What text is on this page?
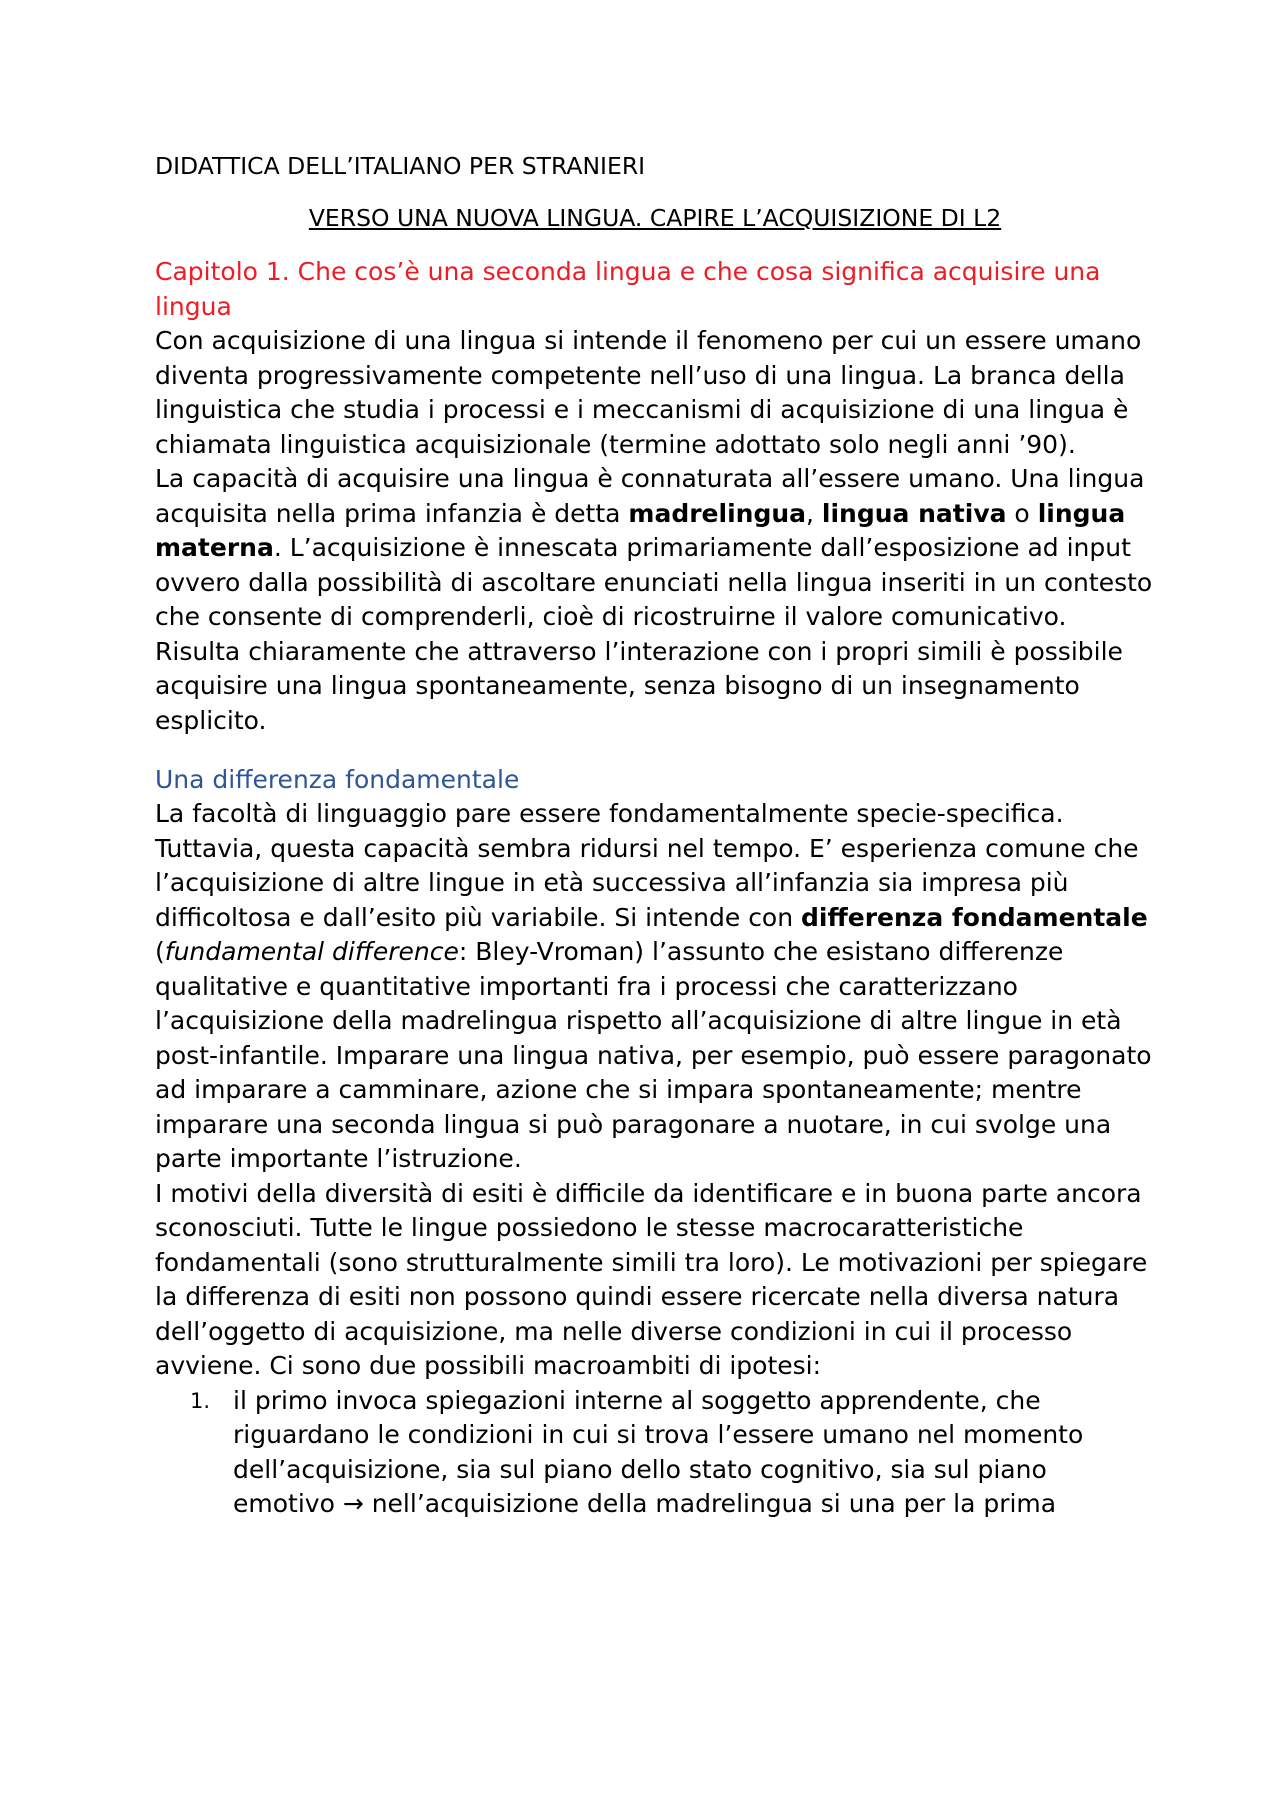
DIDATTICA DELL’ITALIANO PER STRANIERI
VERSO UNA NUOVA LINGUA. CAPIRE L’ACQUISIZIONE DI L2
Capitolo 1. Che cos’è una seconda lingua e che cosa significa acquisire una lingua

Con acquisizione di una lingua si intende il fenomeno per cui un essere umano diventa progressivamente competente nell’uso di una lingua. La branca della linguistica che studia i processi e i meccanismi di acquisizione di una lingua è chiamata linguistica acquisizionale (termine adottato solo negli anni ’90).

La capacità di acquisire una lingua è connaturata all’essere umano. Una lingua acquisita nella prima infanzia è detta madrelingua, lingua nativa o lingua materna. L’acquisizione è innescata primariamente dall’esposizione ad input ovvero dalla possibilità di ascoltare enunciati nella lingua inseriti in un contesto che consente di comprenderli, cioè di ricostruirne il valore comunicativo. Risulta chiaramente che attraverso l’interazione con i propri simili è possibile acquisire una lingua spontaneamente, senza bisogno di un insegnamento esplicito.

Una differenza fondamentale

La facoltà di linguaggio pare essere fondamentalmente specie-specifica. Tuttavia, questa capacità sembra ridursi nel tempo. E’ esperienza comune che l’acquisizione di altre lingue in età successiva all’infanzia sia impresa più difficoltosa e dall’esito più variabile. Si intende con differenza fondamentale (fundamental difference: Bley-Vroman) l’assunto che esistano differenze qualitative e quantitative importanti fra i processi che caratterizzano l’acquisizione della madrelingua rispetto all’acquisizione di altre lingue in età post-infantile. Imparare una lingua nativa, per esempio, può essere paragonato ad imparare a camminare, azione che si impara spontaneamente; mentre imparare una seconda lingua si può paragonare a nuotare, in cui svolge una parte importante l’istruzione.

I motivi della diversità di esiti è difficile da identificare e in buona parte ancora sconosciuti. Tutte le lingue possiedono le stesse macrocaratteristiche fondamentali (sono strutturalmente simili tra loro). Le motivazioni per spiegare la differenza di esiti non possono quindi essere ricercate nella diversa natura dell’oggetto di acquisizione, ma nelle diverse condizioni in cui il processo avviene. Ci sono due possibili macroambiti di ipotesi:

1. il primo invoca spiegazioni interne al soggetto apprendente, che riguardano le condizioni in cui si trova l’essere umano nel momento dell’acquisizione, sia sul piano dello stato cognitivo, sia sul piano emotivo → nell’acquisizione della madrelingua si una per la prima
